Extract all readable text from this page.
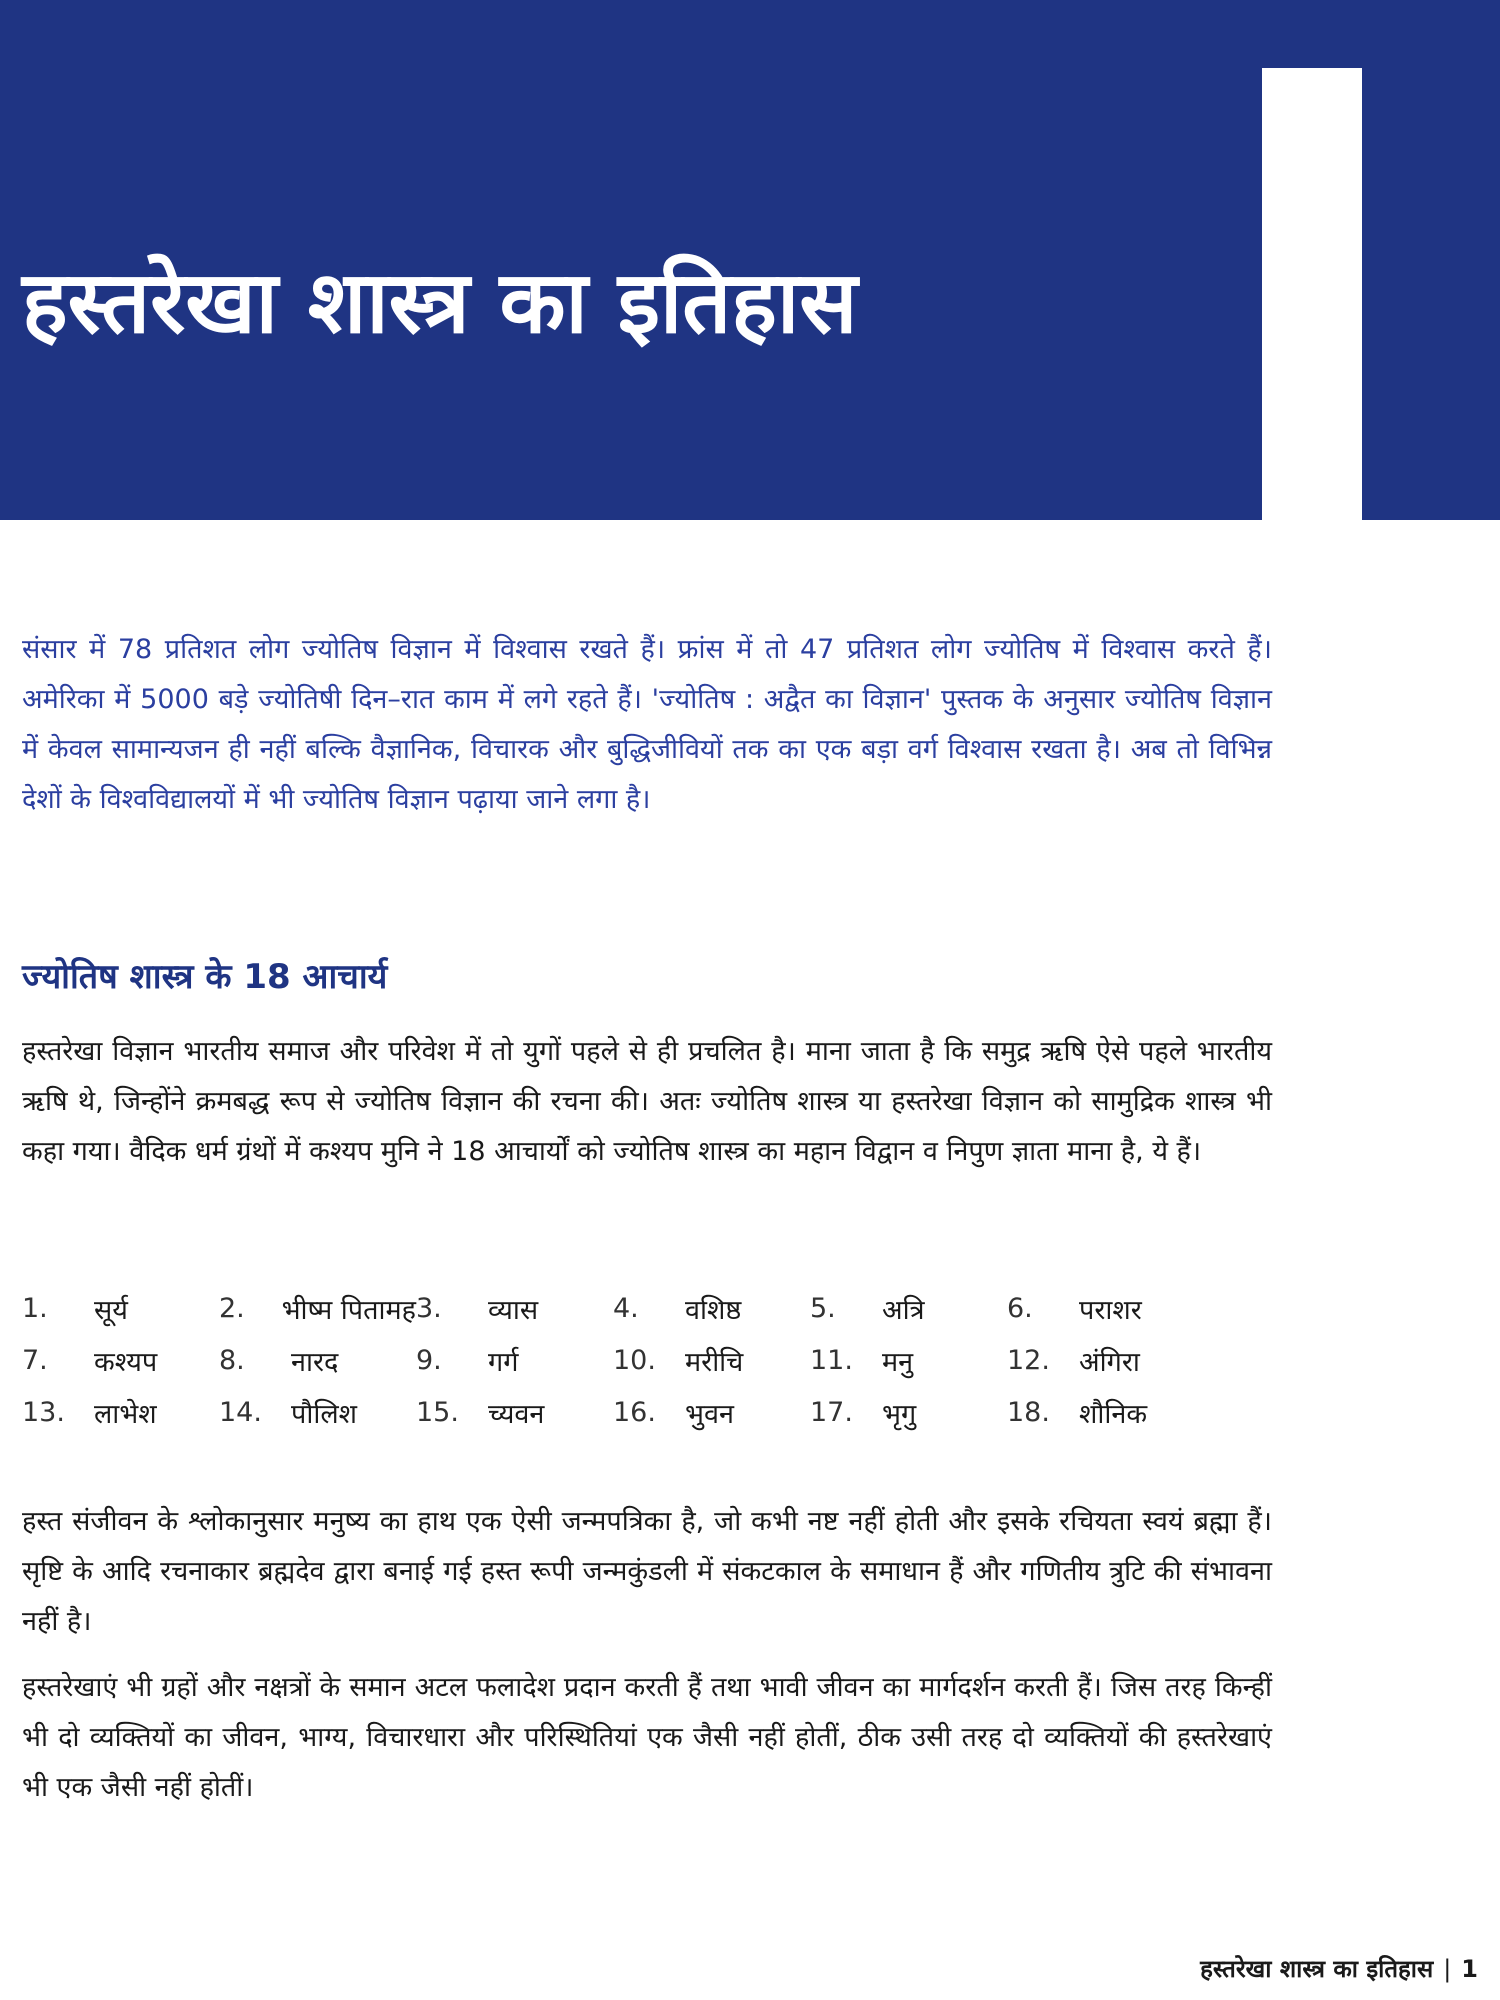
हस्तरेखा शास्त्र का इतिहास

संसार में 78 प्रतिशत लोग ज्योतिष विज्ञान में विश्वास रखते हैं। फ्रांस में तो 47 प्रतिशत लोग ज्योतिष में विश्वास करते हैं। अमेरिका में 5000 बड़े ज्योतिषी दिन–रात काम में लगे रहते हैं। 'ज्योतिष : अद्वैत का विज्ञान' पुस्तक के अनुसार ज्योतिष विज्ञान में केवल सामान्यजन ही नहीं बल्कि वैज्ञानिक, विचारक और बुद्धिजीवियों तक का एक बड़ा वर्ग विश्वास रखता है। अब तो विभिन्न देशों के विश्वविद्यालयों में भी ज्योतिष विज्ञान पढ़ाया जाने लगा है।

ज्योतिष शास्त्र के 18 आचार्य

हस्तरेखा विज्ञान भारतीय समाज और परिवेश में तो युगों पहले से ही प्रचलित है। माना जाता है कि समुद्र ऋषि ऐसे पहले भारतीय ऋषि थे, जिन्होंने क्रमबद्ध रूप से ज्योतिष विज्ञान की रचना की। अतः ज्योतिष शास्त्र या हस्तरेखा विज्ञान को सामुद्रिक शास्त्र भी कहा गया। वैदिक धर्म ग्रंथों में कश्यप मुनि ने 18 आचार्यों को ज्योतिष शास्त्र का महान विद्वान व निपुण ज्ञाता माना है, ये हैं।

1.	सूर्य	2.	भीष्म पितामह 3.	व्यास	4.	वशिष्ठ	5.	अत्रि	6.	पराशर
7.	कश्यप 8.	नारद	9.	गर्ग	10.	मरीचि 11.	मनु	12.	अंगिरा
13.	लाभेश 14.	पौलिश 15.	च्यवन	16.	भुवन	17.	भृगु	18.	शौनिक

हस्त संजीवन के श्लोकानुसार मनुष्य का हाथ एक ऐसी जन्मपत्रिका है, जो कभी नष्ट नहीं होती और इसके रचियता स्वयं ब्रह्मा हैं। सृष्टि के आदि रचनाकार ब्रह्मदेव द्वारा बनाई गई हस्त रूपी जन्मकुंडली में संकटकाल के समाधान हैं और गणितीय त्रुटि की संभावना नहीं है।

हस्तरेखाएं भी ग्रहों और नक्षत्रों के समान अटल फलादेश प्रदान करती हैं तथा भावी जीवन का मार्गदर्शन करती हैं। जिस तरह किन्हीं भी दो व्यक्तियों का जीवन, भाग्य, विचारधारा और परिस्थितियां एक जैसी नहीं होतीं, ठीक उसी तरह दो व्यक्तियों की हस्तरेखाएं भी एक जैसी नहीं होतीं।

हस्तरेखा शास्त्र का इतिहास | 1
